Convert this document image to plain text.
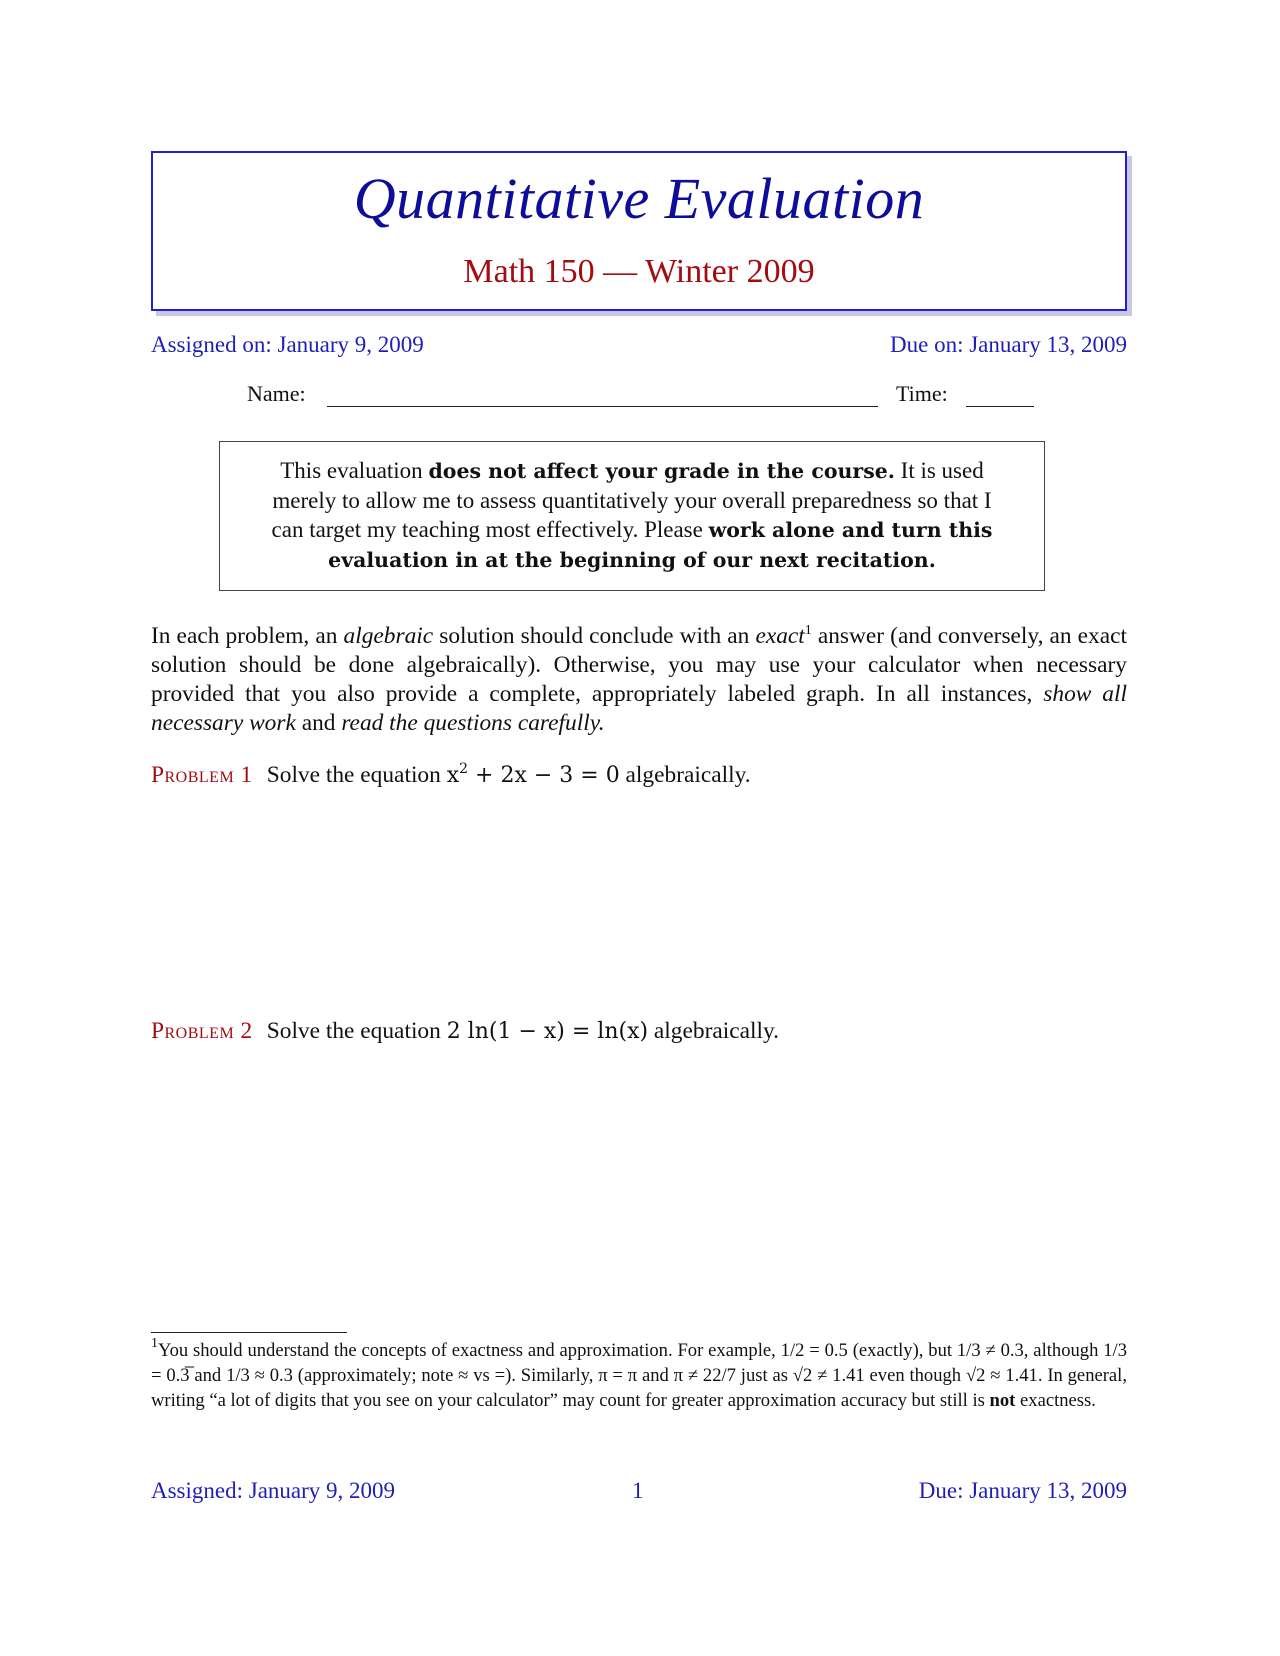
Quantitative Evaluation
Math 150 — Winter 2009
Assigned on: January 9, 2009	Due on: January 13, 2009
Name:	Time:
This evaluation does not affect your grade in the course. It is used merely to allow me to assess quantitatively your overall preparedness so that I can target my teaching most effectively. Please work alone and turn this evaluation in at the beginning of our next recitation.
In each problem, an algebraic solution should conclude with an exact$^1$ answer (and conversely, an exact solution should be done algebraically). Otherwise, you may use your calculator when necessary provided that you also provide a complete, appropriately labeled graph. In all instances, show all necessary work and read the questions carefully.
Problem 1 Solve the equation $x^2 + 2x - 3 = 0$ algebraically.
Problem 2 Solve the equation 2 ln(1 − x) = ln(x) algebraically.
$^1$You should understand the concepts of exactness and approximation. For example, 1/2 = 0.5 (exactly), but 1/3 ≠ 0.3, although 1/3 = 0.3̅ and 1/3 ≈ 0.3 (approximately; note ≈ vs =). Similarly, π = π and π ≠ 22/7 just as √2 ≠ 1.41 even though √2 ≈ 1.41. In general, writing “a lot of digits that you see on your calculator” may count for greater approximation accuracy but still is not exactness.
Assigned: January 9, 2009	1	Due: January 13, 2009
